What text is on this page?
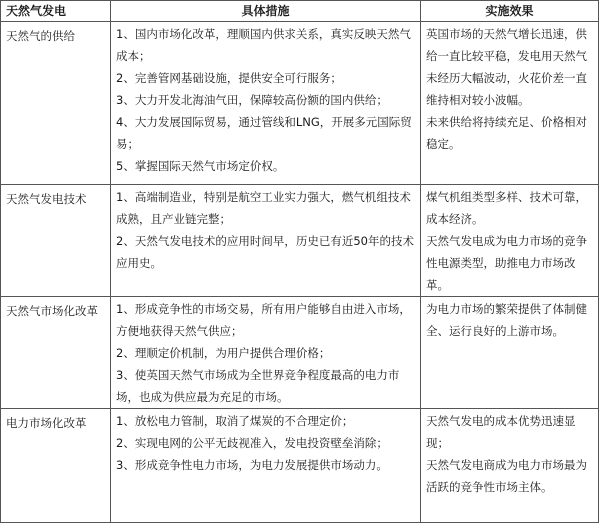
天然气发电	具体措施	实施效果
天然气的供给	1、国内市场化改革，理顺国内供求关系，真实反映天然气成本；
2、完善管网基础设施，提供安全可行服务；
3、大力开发北海油气田，保障较高份额的国内供给；
4、大力发展国际贸易，通过管线和LNG，开展多元国际贸易；
5、掌握国际天然气市场定价权。	英国市场的天然气增长迅速，供给一直比较平稳，发电用天然气未经历大幅波动，火花价差一直维持相对较小波幅。
未来供给将持续充足、价格相对稳定。

天然气发电技术	1、高端制造业，特别是航空工业实力强大，燃气机组技术成熟，且产业链完整；
2、天然气发电技术的应用时间早，历史已有近50年的技术应用史。	煤气机组类型多样、技术可靠，成本经济。
天然气发电成为电力市场的竞争性电源类型，助推电力市场改革。

天然气市场化改革	1、形成竞争性的市场交易，所有用户能够自由进入市场，方便地获得天然气供应；
2、理顺定价机制，为用户提供合理价格；
3、使英国天然气市场成为全世界竞争程度最高的电力市场，也成为供应最为充足的市场。	为电力市场的繁荣提供了体制健全、运行良好的上游市场。

电力市场化改革	1、放松电力管制，取消了煤炭的不合理定价；
2、实现电网的公平无歧视准入，发电投资壁垒消除；
3、形成竞争性电力市场，为电力发展提供市场动力。	天然气发电的成本优势迅速显现；
天然气发电商成为电力市场最为活跃的竞争性市场主体。
